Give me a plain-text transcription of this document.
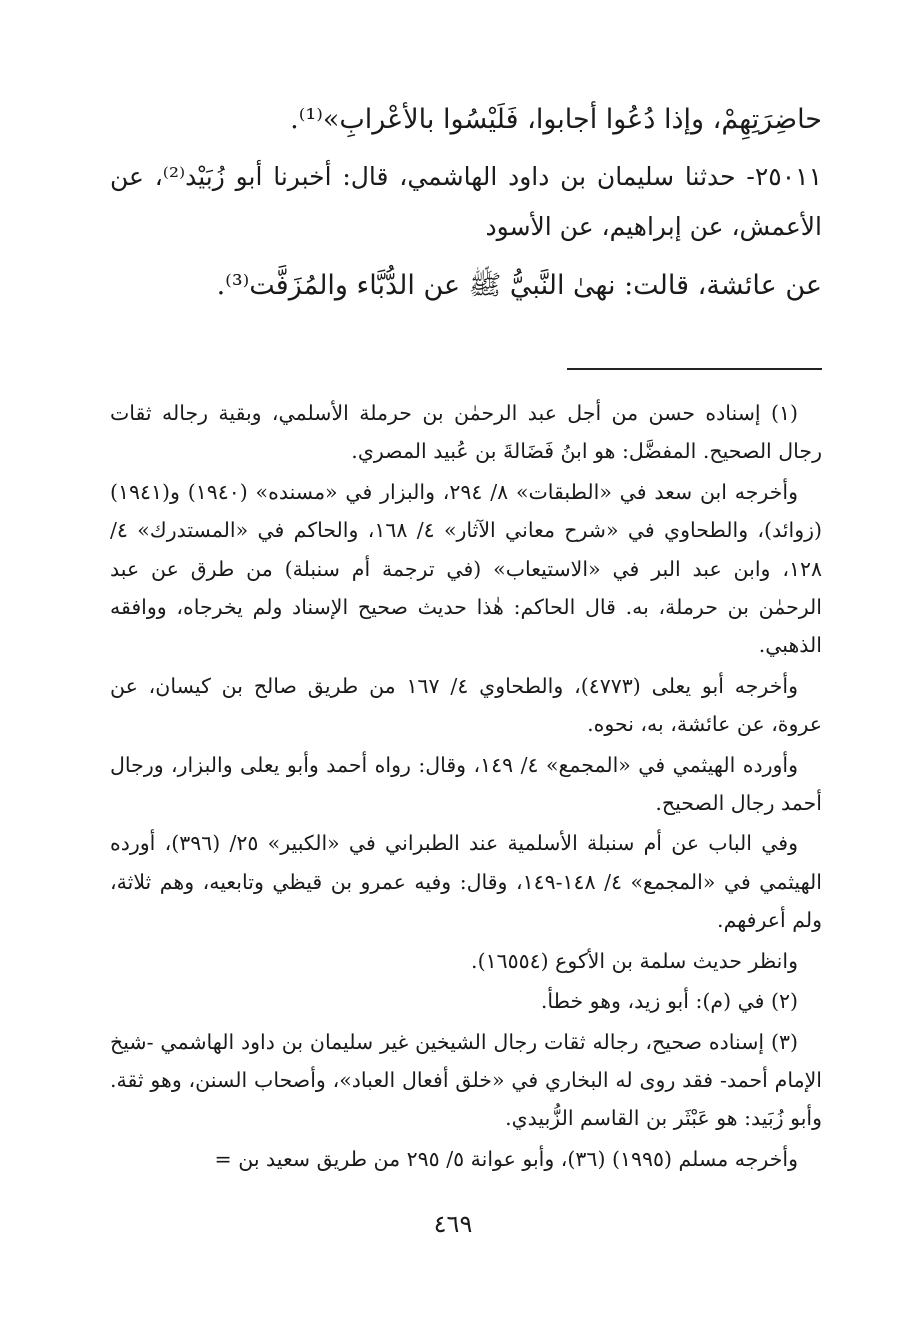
حاضِرَتِهِمْ، وإذا دُعُوا أجابوا، فَلَيْسُوا بالأعْرابِ»⁽¹⁾.

٢٥٠١١- حدثنا سليمان بن داود الهاشمي، قال: أخبرنا أبو زُبَيْد⁽²⁾، عن الأعمش، عن إبراهيم، عن الأسود

عن عائشة، قالت: نهىٰ النَّبيُّ ﷺ عن الدُّبَّاء والمُزَفَّت⁽³⁾.

(١) إسناده حسن من أجل عبد الرحمٰن بن حرملة الأسلمي، وبقية رجاله ثقات رجال الصحيح. المفضَّل: هو ابنُ فَضَالةَ بن عُبيد المصري.

وأخرجه ابن سعد في «الطبقات» ٨/ ٢٩٤، والبزار في «مسنده» (١٩٤٠) و(١٩٤١) (زوائد)، والطحاوي في «شرح معاني الآثار» ٤/ ١٦٨، والحاكم في «المستدرك» ٤/ ١٢٨، وابن عبد البر في «الاستيعاب» (في ترجمة أم سنبلة) من طرق عن عبد الرحمٰن بن حرملة، به. قال الحاكم: هٰذا حديث صحيح الإسناد ولم يخرجاه، ووافقه الذهبي.

وأخرجه أبو يعلى (٤٧٧٣)، والطحاوي ٤/ ١٦٧ من طريق صالح بن كيسان، عن عروة، عن عائشة، به، نحوه.

وأورده الهيثمي في «المجمع» ٤/ ١٤٩، وقال: رواه أحمد وأبو يعلى والبزار، ورجال أحمد رجال الصحيح.

وفي الباب عن أم سنبلة الأسلمية عند الطبراني في «الكبير» ٢٥/ (٣٩٦)، أورده الهيثمي في «المجمع» ٤/ ١٤٨-١٤٩، وقال: وفيه عمرو بن قيظي وتابعيه، وهم ثلاثة، ولم أعرفهم.

وانظر حديث سلمة بن الأكوع (١٦٥٥٤).

(٢) في (م): أبو زيد، وهو خطأ.

(٣) إسناده صحيح، رجاله ثقات رجال الشيخين غير سليمان بن داود الهاشمي -شيخ الإمام أحمد- فقد روى له البخاري في «خلق أفعال العباد»، وأصحاب السنن، وهو ثقة. وأبو زُبَيد: هو عَبْثَر بن القاسم الزُّبيدي.

وأخرجه مسلم (١٩٩٥) (٣٦)، وأبو عوانة ٥/ ٢٩٥ من طريق سعيد بن =

٤٦٩
